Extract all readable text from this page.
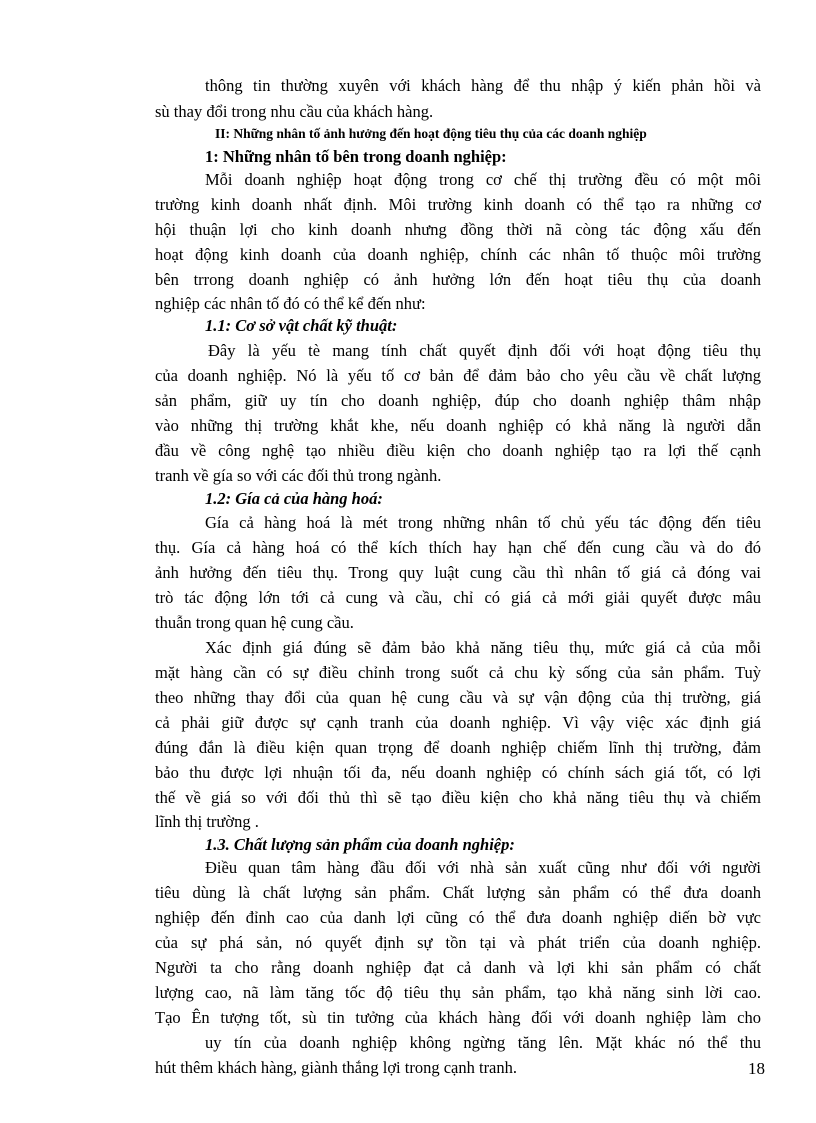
thông tin thường xuyên với khách hàng để thu nhập ý kiến phản hồi và
sù thay đổi trong nhu cầu của khách hàng.
II: Những nhân tố ảnh hưởng đến hoạt động tiêu thụ của các doanh nghiệp
1: Những nhân tố bên trong doanh nghiệp:
Mỗi doanh nghiệp hoạt động trong cơ chế thị trường đều có một môi
trường kinh doanh nhất định. Môi trường kinh doanh có thể tạo ra những cơ
hội thuận lợi cho kinh doanh nhưng đồng thời nã còng tác động xấu đến
hoạt động kinh doanh của doanh nghiệp, chính các nhân tố thuộc môi trường
bên trrong doanh nghiệp có ảnh hưởng lớn đến hoạt tiêu thụ của doanh
nghiệp các nhân tố đó có thể kể đến như:
1.1: Cơ sở vật chất kỹ thuật:
Đây là yếu tè mang tính chất quyết định đối với hoạt động tiêu thụ
của doanh nghiệp. Nó là yếu tố cơ bản để đảm bảo cho yêu cầu về chất lượng
sản phẩm, giữ uy tín cho doanh nghiệp, đúp cho doanh nghiệp thâm nhập
vào những thị trường khắt khe, nếu doanh nghiệp có khả năng là người dẫn
đầu về công nghệ tạo nhiều điều kiện cho doanh nghiệp tạo ra lợi thế cạnh
tranh về gía so với các đối thủ trong ngành.
1.2: Gía cả của hàng hoá:
Gía cả hàng hoá là mét trong những nhân tố chủ yếu tác động đến tiêu
thụ. Gía cả hàng hoá có thể kích thích hay hạn chế đến cung cầu và do đó
ảnh hưởng đến tiêu thụ. Trong quy luật cung cầu thì nhân tố giá cả đóng vai
trò tác động lớn tới cả cung và cầu, chỉ có giá cả mới giải quyết được mâu
thuẫn trong quan hệ cung cầu.
Xác định giá đúng sẽ đảm bảo khả năng tiêu thụ, mức giá cả của mỗi
mặt hàng cần có sự điều chỉnh trong suốt cả chu kỳ sống của sản phẩm. Tuỳ
theo những thay đổi của quan hệ cung cầu và sự vận động của thị trường, giá
cả phải giữ được sự cạnh tranh của doanh nghiệp. Vì vậy việc xác định giá
đúng đắn là điều kiện quan trọng để doanh nghiệp chiếm lĩnh thị trường, đảm
bảo thu được lợi nhuận tối đa, nếu doanh nghiệp có chính sách giá tốt, có lợi
thế về giá so với đối thủ thì sẽ tạo điều kiện cho khả năng tiêu thụ và chiếm
lĩnh thị trường .
1.3. Chất lượng sản phẩm của doanh nghiệp:
Điều quan tâm hàng đầu đối với nhà sản xuất cũng như đối với người
tiêu dùng là chất lượng sản phẩm. Chất lượng sản phẩm có thể đưa doanh
nghiệp đến đỉnh cao của danh lợi cũng có thể đưa doanh nghiệp diến bờ vực
của sự phá sản, nó quyết định sự tồn tại và phát triển của doanh nghiệp.
Người ta cho rằng doanh nghiệp đạt cả danh và lợi khi sản phẩm có chất
lượng cao, nã làm tăng tốc độ tiêu thụ sản phẩm, tạo khả năng sinh lời cao.
Tạo Ên tượng tốt, sù tin tưởng của khách hàng đối với doanh nghiệp làm cho
uy tín của doanh nghiệp không ngừng tăng lên. Mặt khác nó thể thu
hút thêm khách hàng, giành thắng lợi trong cạnh tranh.	18
